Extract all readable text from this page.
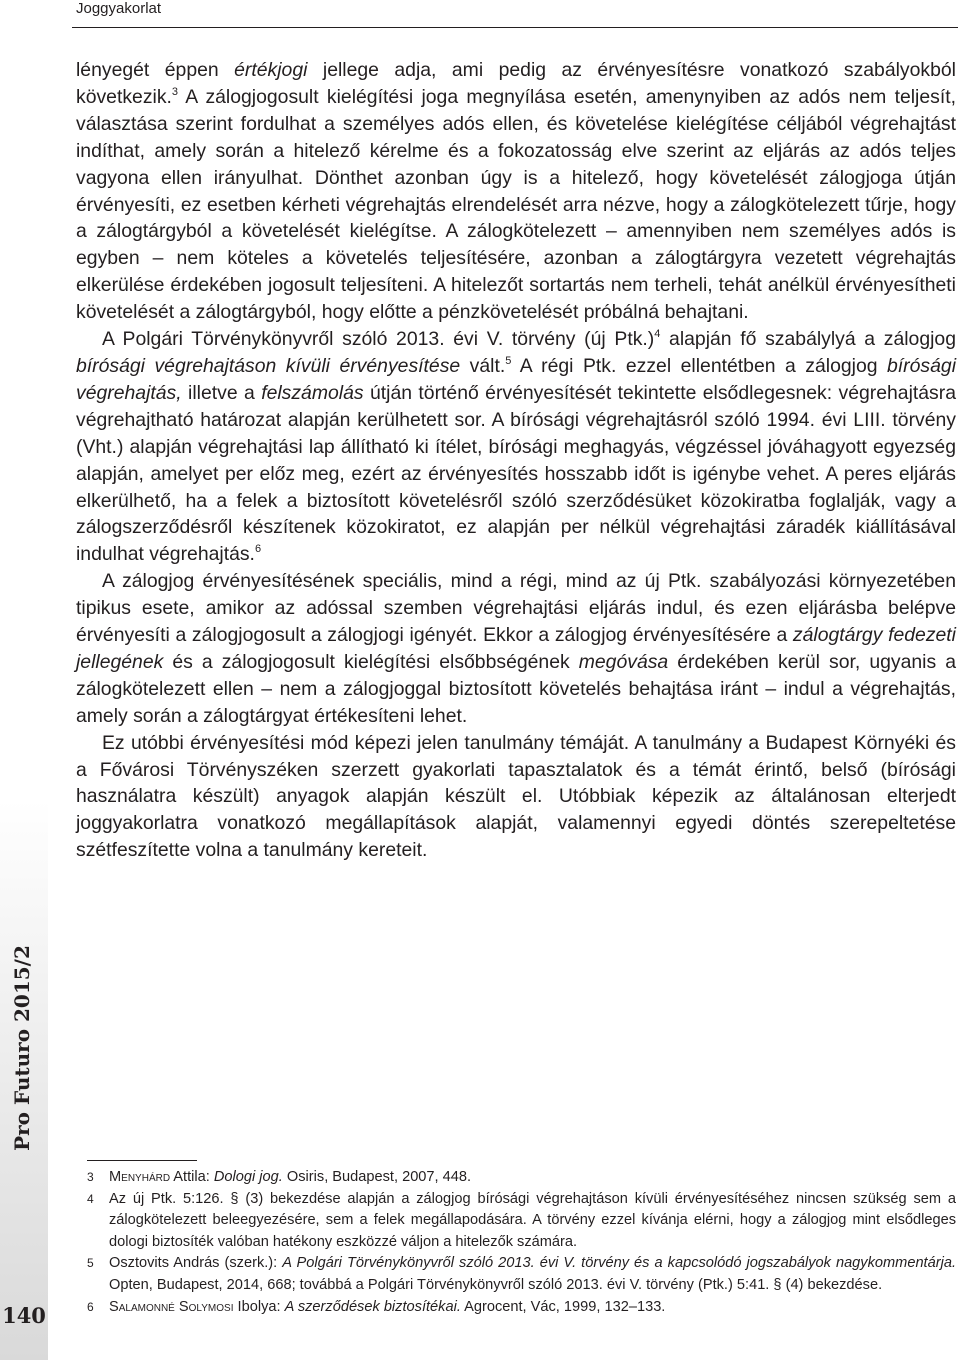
Joggyakorlat
Pro Futuro 2015/2
140

lényegét éppen értékjogi jellege adja, ami pedig az érvényesítésre vonatkozó szabályokból következik.$^3$ A zálogjogosult kielégítési joga megnyílása esetén, amenynyiben az adós nem teljesít, választása szerint fordulhat a személyes adós ellen, és követelése kielégítése céljából végrehajtást indíthat, amely során a hitelező kérelme és a fokozatosság elve szerint az eljárás az adós teljes vagyona ellen irányulhat. Dönthet azonban úgy is a hitelező, hogy követelését zálogjoga útján érvényesíti, ez esetben kérheti végrehajtás elrendelését arra nézve, hogy a zálogkötelezett tűrje, hogy a zálogtárgyból a követelését kielégítse. A zálogkötelezett – amennyiben nem személyes adós is egyben – nem köteles a követelés teljesítésére, azonban a zálogtárgyra vezetett végrehajtás elkerülése érdekében jogosult teljesíteni. A hitelezőt sortartás nem terheli, tehát anélkül érvényesítheti követelését a zálogtárgyból, hogy előtte a pénzkövetelését próbálná behajtani.

A Polgári Törvénykönyvről szóló 2013. évi V. törvény (új Ptk.)$^4$ alapján fő szabálylyá a zálogjog bírósági végrehajtáson kívüli érvényesítése vált.$^5$ A régi Ptk. ezzel ellentétben a zálogjog bírósági végrehajtás, illetve a felszámolás útján történő érvényesítését tekintette elsődlegesnek: végrehajtásra végrehajtható határozat alapján kerülhetett sor. A bírósági végrehajtásról szóló 1994. évi LIII. törvény (Vht.) alapján végrehajtási lap állítható ki ítélet, bírósági meghagyás, végzéssel jóváhagyott egyezség alapján, amelyet per előz meg, ezért az érvényesítés hosszabb időt is igénybe vehet. A peres eljárás elkerülhető, ha a felek a biztosított követelésről szóló szerződésüket közokiratba foglalják, vagy a zálogszerződésről készítenek közokiratot, ez alapján per nélkül végrehajtási záradék kiállításával indulhat végrehajtás.$^6$

A zálogjog érvényesítésének speciális, mind a régi, mind az új Ptk. szabályozási környezetében tipikus esete, amikor az adóssal szemben végrehajtási eljárás indul, és ezen eljárásba belépve érvényesíti a zálogjogosult a zálogjogi igényét. Ekkor a zálogjog érvényesítésére a zálogtárgy fedezeti jellegének és a zálogjogosult kielégítési elsőbbségének megóvása érdekében kerül sor, ugyanis a zálogkötelezett ellen – nem a zálogjoggal biztosított követelés behajtása iránt – indul a végrehajtás, amely során a zálogtárgyat értékesíteni lehet.

Ez utóbbi érvényesítési mód képezi jelen tanulmány témáját. A tanulmány a Budapest Környéki és a Fővárosi Törvényszéken szerzett gyakorlati tapasztalatok és a témát érintő, belső (bírósági használatra készült) anyagok alapján készült el. Utóbbiak képezik az általánosan elterjedt joggyakorlatra vonatkozó megállapítások alapját, valamennyi egyedi döntés szerepeltetése szétfeszítette volna a tanulmány kereteit.

3 Menyhárd Attila: Dologi jog. Osiris, Budapest, 2007, 448.
4 Az új Ptk. 5:126. § (3) bekezdése alapján a zálogjog bírósági végrehajtáson kívüli érvényesítéséhez nincsen szükség sem a zálogkötelezett beleegyezésére, sem a felek megállapodására. A törvény ezzel kívánja elérni, hogy a zálogjog mint elsődleges dologi biztosíték valóban hatékony eszközzé váljon a hitelezők számára.
5 Osztovits András (szerk.): A Polgári Törvénykönyvről szóló 2013. évi V. törvény és a kapcsolódó jogszabályok nagykommentárja. Opten, Budapest, 2014, 668; továbbá a Polgári Törvénykönyvről szóló 2013. évi V. törvény (Ptk.) 5:41. § (4) bekezdése.
6 Salamonné Solymosi Ibolya: A szerződések biztosítékai. Agrocent, Vác, 1999, 132–133.
